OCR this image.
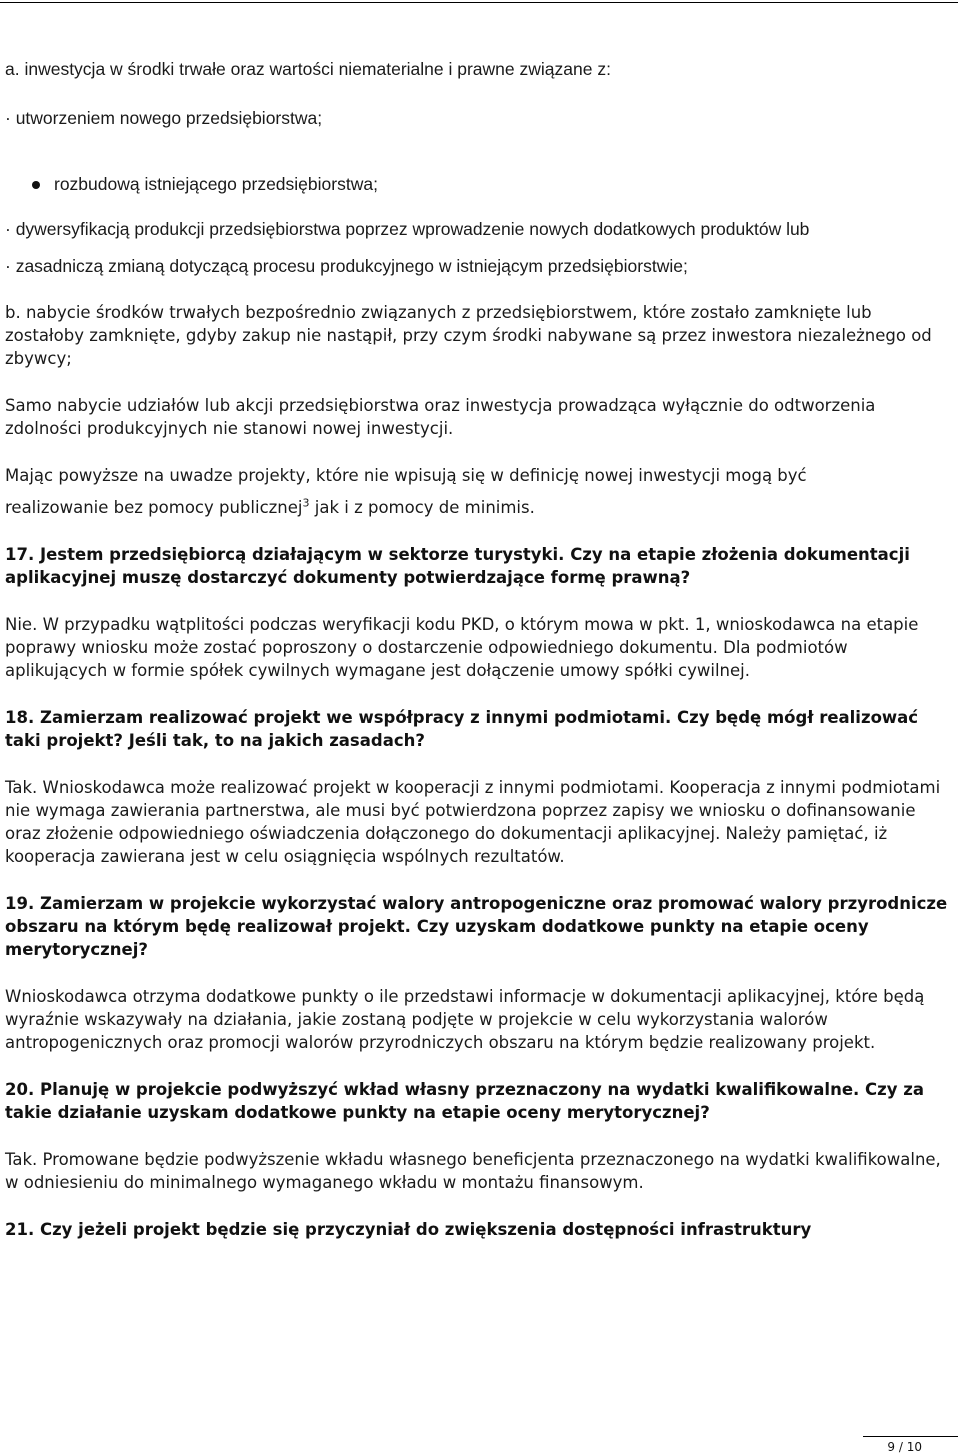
a. inwestycja w środki trwałe oraz wartości niematerialne i prawne związane z:

· utworzeniem nowego przedsiębiorstwa;

rozbudową istniejącego przedsiębiorstwa;

· dywersyfikacją produkcji przedsiębiorstwa poprzez wprowadzenie nowych dodatkowych produktów lub

· zasadniczą zmianą dotyczącą procesu produkcyjnego w istniejącym przedsiębiorstwie;

b. nabycie środków trwałych bezpośrednio związanych z przedsiębiorstwem, które zostało zamknięte lub zostałoby zamknięte, gdyby zakup nie nastąpił, przy czym środki nabywane są przez inwestora niezależnego od zbywcy;

Samo nabycie udziałów lub akcji przedsiębiorstwa oraz inwestycja prowadząca wyłącznie do odtworzenia zdolności produkcyjnych nie stanowi nowej inwestycji.

Mając powyższe na uwadze projekty, które nie wpisują się w definicję nowej inwestycji mogą być

realizowanie bez pomocy publicznej$^3$ jak i z pomocy de minimis.

17. Jestem przedsiębiorcą działającym w sektorze turystyki. Czy na etapie złożenia dokumentacji aplikacyjnej muszę dostarczyć dokumenty potwierdzające formę prawną?

Nie. W przypadku wątplitości podczas weryfikacji kodu PKD, o którym mowa w pkt. 1, wnioskodawca na etapie poprawy wniosku może zostać poproszony o dostarczenie odpowiedniego dokumentu. Dla podmiotów aplikujących w formie spółek cywilnych wymagane jest dołączenie umowy spółki cywilnej.

18. Zamierzam realizować projekt we współpracy z innymi podmiotami. Czy będę mógł realizować taki projekt? Jeśli tak, to na jakich zasadach?

Tak. Wnioskodawca może realizować projekt w kooperacji z innymi podmiotami. Kooperacja z innymi podmiotami nie wymaga zawierania partnerstwa, ale musi być potwierdzona poprzez zapisy we wniosku o dofinansowanie oraz złożenie odpowiedniego oświadczenia dołączonego do dokumentacji aplikacyjnej. Należy pamiętać, iż kooperacja zawierana jest w celu osiągnięcia wspólnych rezultatów.

19. Zamierzam w projekcie wykorzystać walory antropogeniczne oraz promować walory przyrodnicze obszaru na którym będę realizował projekt. Czy uzyskam dodatkowe punkty na etapie oceny merytorycznej?

Wnioskodawca otrzyma dodatkowe punkty o ile przedstawi informacje w dokumentacji aplikacyjnej, które będą wyraźnie wskazywały na działania, jakie zostaną podjęte w projekcie w celu wykorzystania walorów antropogenicznych oraz promocji walorów przyrodniczych obszaru na którym będzie realizowany projekt.

20. Planuję w projekcie podwyższyć wkład własny przeznaczony na wydatki kwalifikowalne. Czy za takie działanie uzyskam dodatkowe punkty na etapie oceny merytorycznej?

Tak. Promowane będzie podwyższenie wkładu własnego beneficjenta przeznaczonego na wydatki kwalifikowalne, w odniesieniu do minimalnego wymaganego wkładu w montażu finansowym.

21. Czy jeżeli projekt będzie się przyczyniał do zwiększenia dostępności infrastruktury

9 / 10
